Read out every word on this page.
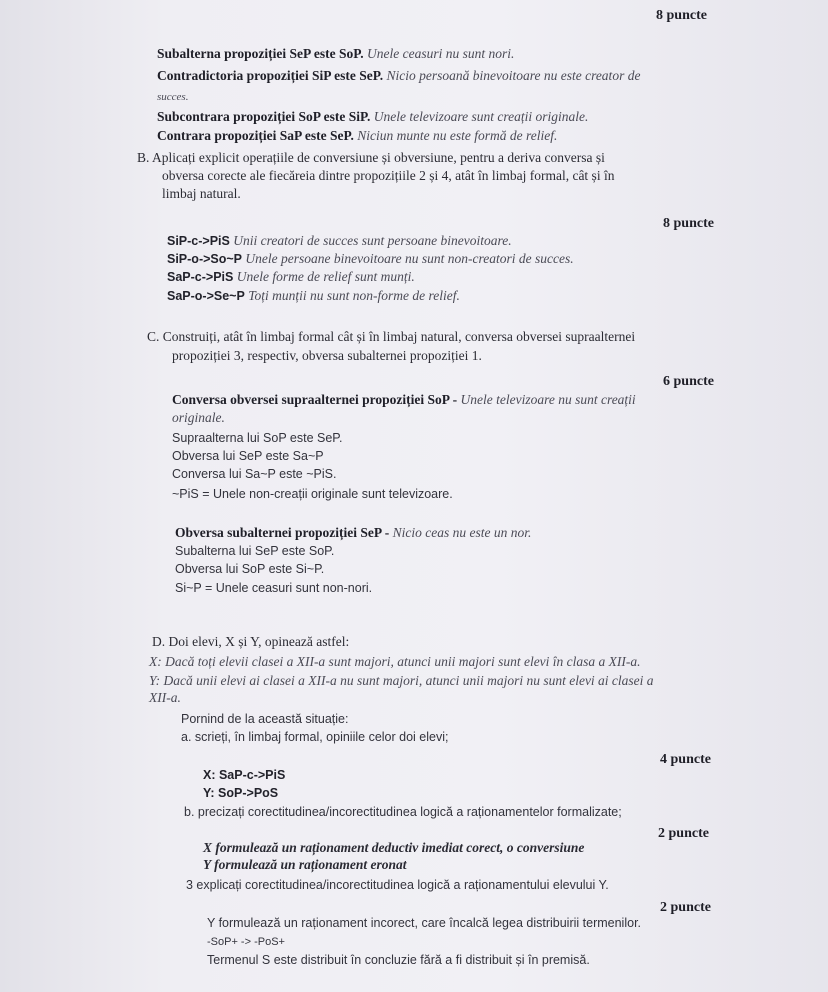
8 puncte
Subalterna propoziției SeP este SoP. Unele ceasuri nu sunt nori.
Contradictoria propoziției SiP este SeP. Nicio persoană binevoitoare nu este creator de
succes.
Subcontrara propoziției SoP este SiP. Unele televizoare sunt creații originale.
Contrara propoziției SaP este SeP. Niciun munte nu este formă de relief.
B. Aplicați explicit operațiile de conversiune și obversiune, pentru a deriva conversa și
obversa corecte ale fiecăreia dintre propozițiile 2 și 4, atât în limbaj formal, cât și în
limbaj natural.
8 puncte
SiP-c->PiS Unii creatori de succes sunt persoane binevoitoare.
SiP-o->So~P Unele persoane binevoitoare nu sunt non-creatori de succes.
SaP-c->PiS Unele forme de relief sunt munți.
SaP-o->Se~P Toți munții nu sunt non-forme de relief.
C. Construiți, atât în limbaj formal cât și în limbaj natural, conversa obversei supraalternei
propoziției 3, respectiv, obversa subalternei propoziției 1.
6 puncte
Conversa obversei supraalternei propoziției SoP - Unele televizoare nu sunt creații
originale.
Supraalterna lui SoP este SeP.
Obversa lui SeP este Sa~P
Conversa lui Sa~P este ~PiS.
~PiS = Unele non-creații originale sunt televizoare.
Obversa subalternei propoziției SeP - Nicio ceas nu este un nor.
Subalterna lui SeP este SoP.
Obversa lui SoP este Si~P.
Si~P = Unele ceasuri sunt non-nori.
D. Doi elevi, X și Y, opinează astfel:
X: Dacă toți elevii clasei a XII-a sunt majori, atunci unii majori sunt elevi în clasa a XII-a.
Y: Dacă unii elevi ai clasei a XII-a nu sunt majori, atunci unii majori nu sunt elevi ai clasei a
XII-a.
Pornind de la această situație:
a. scrieți, în limbaj formal, opiniile celor doi elevi;
4 puncte
X: SaP-c->PiS
Y: SoP->PoS
b. precizați corectitudinea/incorectitudinea logică a raționamentelor formalizate;
2 puncte
X formulează un raționament deductiv imediat corect, o conversiune
Y formulează un raționament eronat
3 explicați corectitudinea/incorectitudinea logică a raționamentului elevului Y.
2 puncte
Y formulează un raționament incorect, care încalcă legea distribuirii termenilor.
-SoP+ -> -PoS+
Termenul S este distribuit în concluzie fără a fi distribuit și în premisă.
